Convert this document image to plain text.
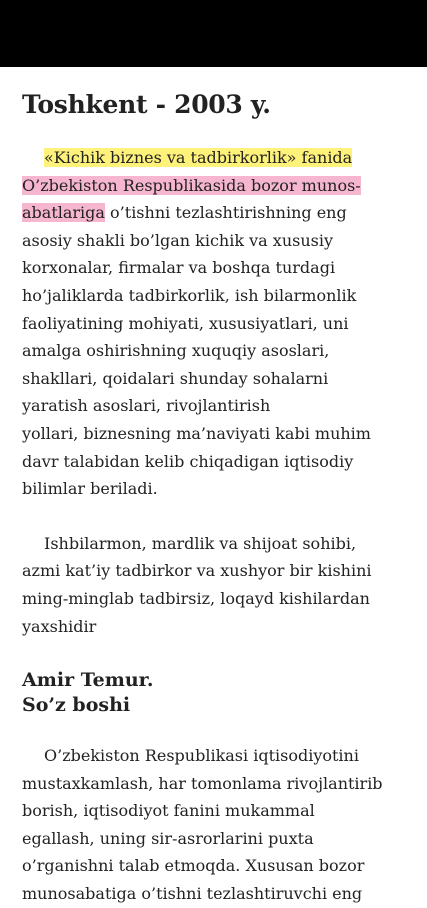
Toshkent - 2003 y.

«Kichik biznes va tadbirkorlik» fanida
O’zbekiston Respublikasida bozor munos-
abatlariga o’tishni tezlashtirishning eng
asosiy shakli bo’lgan kichik va xususiy
korxonalar, firmalar va boshqa turdagi
ho’jaliklarda tadbirkorlik, ish bilarmonlik
faoliyatining mohiyati, xususiyatlari, uni
amalga oshirishning xuquqiy asoslari,
shakllari, qoidalari shunday sohalarni
yaratish asoslari, rivojlantirish
yollari, biznesning ma’naviyati kabi muhim
davr talabidan kelib chiqadigan iqtisodiy
bilimlar beriladi.

Ishbilarmon, mardlik va shijoat sohibi,
azmi kat’iy tadbirkor va xushyor bir kishini
ming-minglab tadbirsiz, loqayd kishilardan
yaxshidir

Amir Temur.
So’z boshi

O’zbekiston Respublikasi iqtisodiyotini
mustaxkamlash, har tomonlama rivojlantirib
borish, iqtisodiyot fanini mukammal
egallash, uning sir-asrorlarini puxta
o’rganishni talab etmoqda. Xususan bozor
munosabatiga o’tishni tezlashtiruvchi eng
